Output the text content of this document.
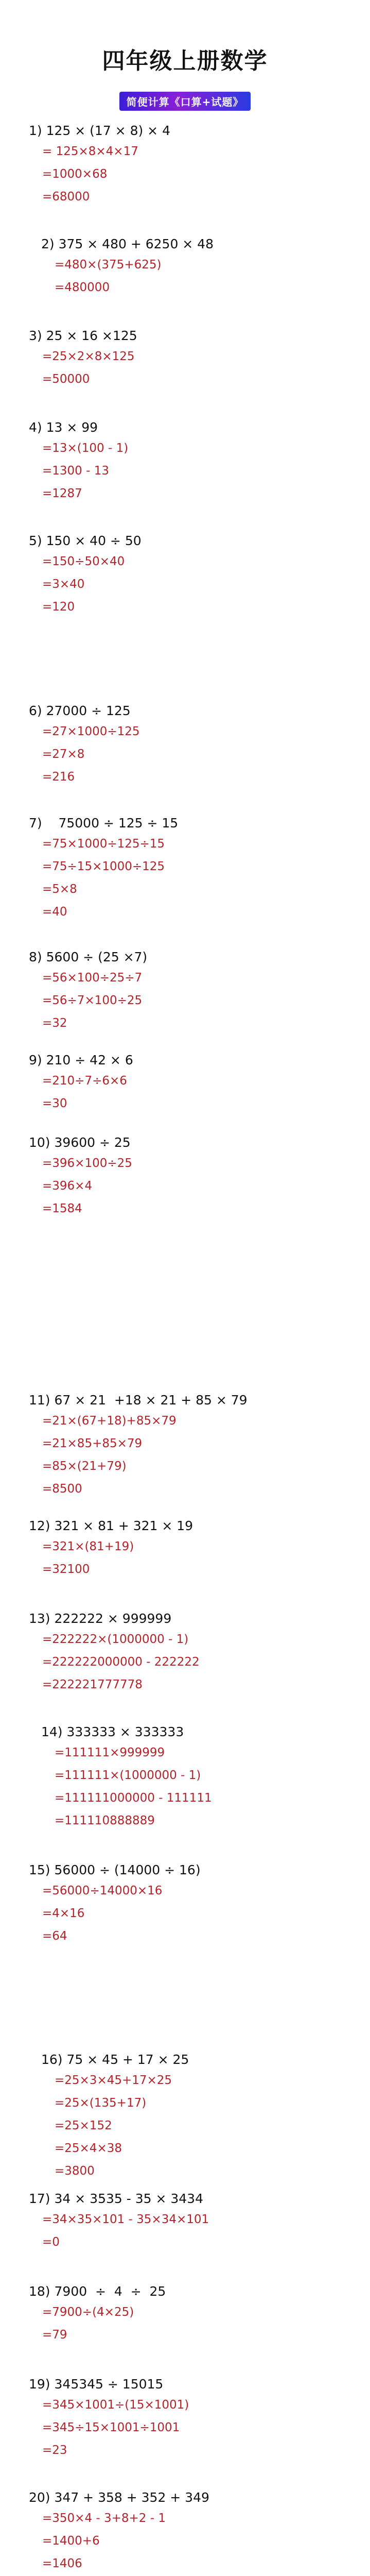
四年级上册数学
简便计算《口算+试题》
1) 125 × (17 × 8) × 4
= 125×8×4×17
=1000×68
=68000
2) 375 × 480 + 6250 × 48
=480×(375+625)
=480000
3) 25 × 16 ×125
=25×2×8×125
=50000
4) 13 × 99
=13×(100 - 1)
=1300 - 13
=1287
5) 150 × 40 ÷ 50
=150÷50×40
=3×40
=120
6) 27000 ÷ 125
=27×1000÷125
=27×8
=216
7)    75000 ÷ 125 ÷ 15
=75×1000÷125÷15
=75÷15×1000÷125
=5×8
=40
8) 5600 ÷ (25 ×7)
=56×100÷25÷7
=56÷7×100÷25
=32
9) 210 ÷ 42 × 6
=210÷7÷6×6
=30
10) 39600 ÷ 25
=396×100÷25
=396×4
=1584
11) 67 × 21  +18 × 21 + 85 × 79
=21×(67+18)+85×79
=21×85+85×79
=85×(21+79)
=8500
12) 321 × 81 + 321 × 19
=321×(81+19)
=32100
13) 222222 × 999999
=222222×(1000000 - 1)
=222222000000 - 222222
=222221777778
14) 333333 × 333333
=111111×999999
=111111×(1000000 - 1)
=111111000000 - 111111
=111110888889
15) 56000 ÷ (14000 ÷ 16)
=56000÷14000×16
=4×16
=64
16) 75 × 45 + 17 × 25
=25×3×45+17×25
=25×(135+17)
=25×152
=25×4×38
=3800
17) 34 × 3535 - 35 × 3434
=34×35×101 - 35×34×101
=0
18) 7900  ÷  4  ÷  25
=7900÷(4×25)
=79
19) 345345 ÷ 15015
=345×1001÷(15×1001)
=345÷15×1001÷1001
=23
20) 347 + 358 + 352 + 349
=350×4 - 3+8+2 - 1
=1400+6
=1406
